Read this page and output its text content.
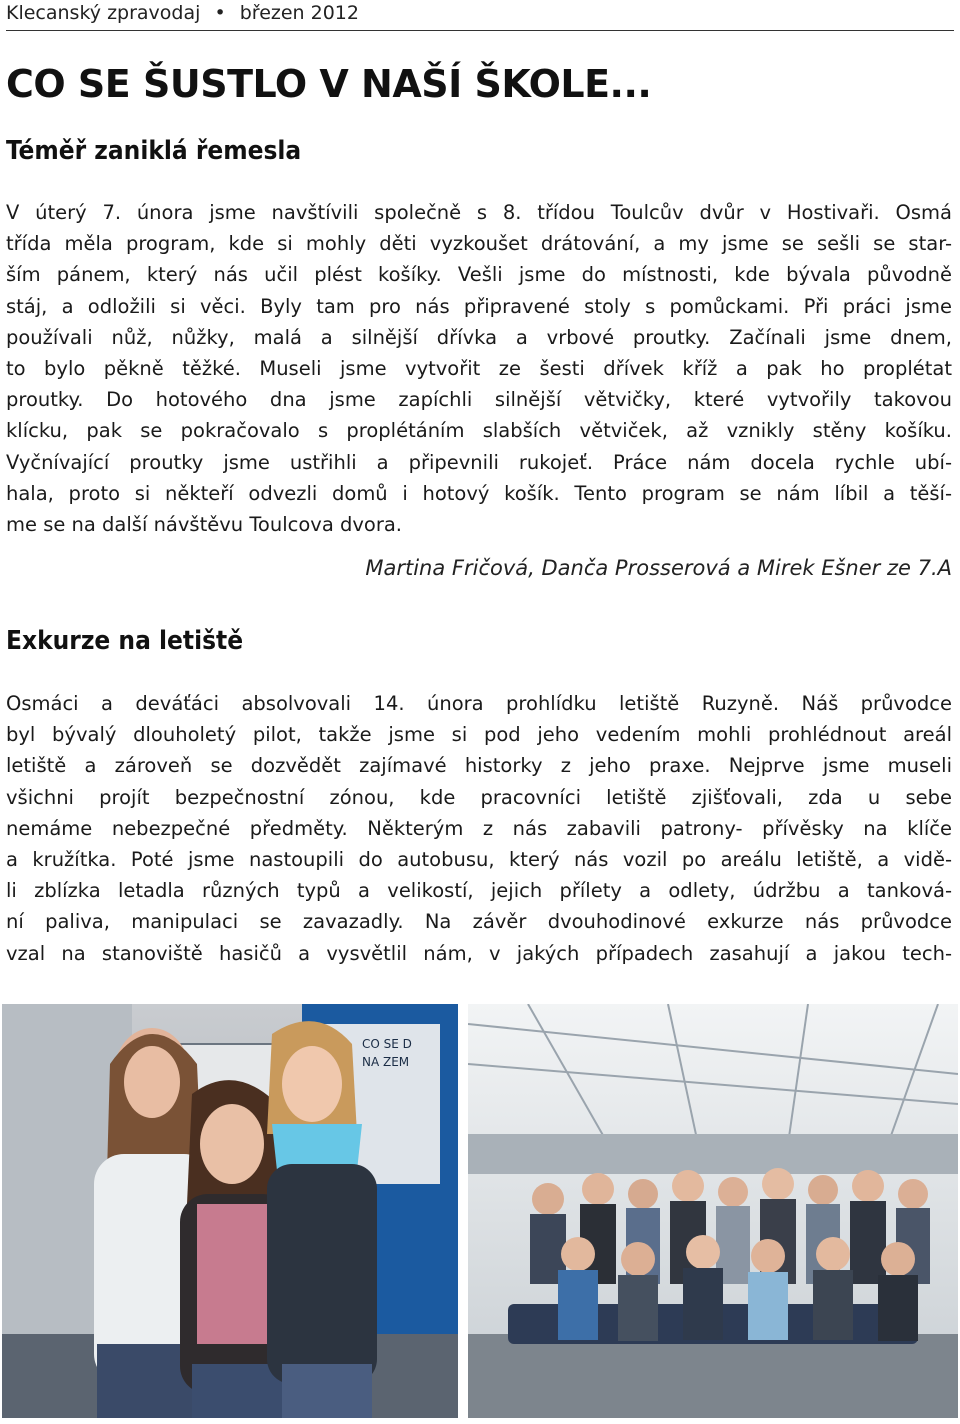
Klecanský zpravodaj • březen 2012
CO SE ŠUSTLO V NAŠÍ ŠKOLE...
Téměř zaniklá řemesla
V úterý 7. února jsme navštívili společně s 8. třídou Toulcův dvůr v Hostivaři. Osmá
třída měla program, kde si mohly děti vyzkoušet drátování, a my jsme se sešli se star-
ším pánem, který nás učil plést košíky. Vešli jsme do místnosti, kde bývala původně
stáj, a odložili si věci. Byly tam pro nás připravené stoly s pomůckami. Při práci jsme
používali nůž, nůžky, malá a silnější dřívka a vrbové proutky. Začínali jsme dnem,
to bylo pěkně těžké. Museli jsme vytvořit ze šesti dřívek kříž a pak ho proplétat
proutky. Do hotového dna jsme zapíchli silnější větvičky, které vytvořily takovou
klícku, pak se pokračovalo s proplétáním slabších větviček, až vznikly stěny košíku.
Vyčnívající proutky jsme ustřihli a připevnili rukojeť. Práce nám docela rychle ubí-
hala, proto si někteří odvezli domů i hotový košík. Tento program se nám líbil a těší-
me se na další návštěvu Toulcova dvora.
Martina Fričová, Danča Prosserová a Mirek Ešner ze 7.A
Exkurze na letiště
Osmáci a deváťáci absolvovali 14. února prohlídku letiště Ruzyně. Náš průvodce
byl bývalý dlouholetý pilot, takže jsme si pod jeho vedením mohli prohlédnout areál
letiště a zároveň se dozvědět zajímavé historky z jeho praxe. Nejprve jsme museli
všichni projít bezpečnostní zónou, kde pracovníci letiště zjišťovali, zda u sebe
nemáme nebezpečné předměty. Některým z nás zabavili patrony- přívěsky na klíče
a kružítka. Poté jsme nastoupili do autobusu, který nás vozil po areálu letiště, a vidě-
li zblízka letadla různých typů a velikostí, jejich přílety a odlety, údržbu a tanková-
ní paliva, manipulaci se zavazadly. Na závěr dvouhodinové exkurze nás průvodce
vzal na stanoviště hasičů a vysvětlil nám, v jakých případech zasahují a jakou tech-
CO SE D
NA ZEM
